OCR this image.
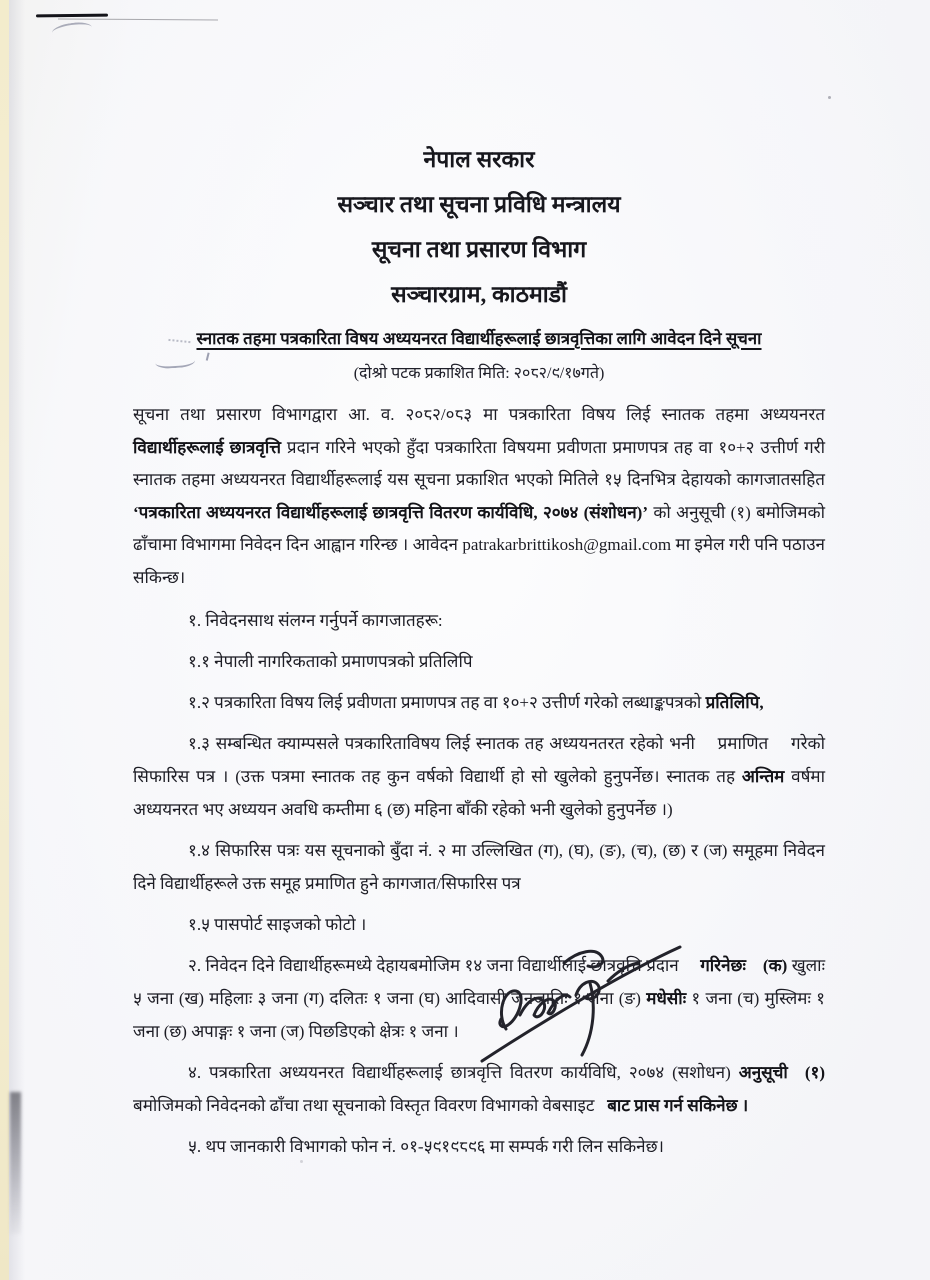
नेपाल सरकार
सञ्चार तथा सूचना प्रविधि मन्त्रालय
सूचना तथा प्रसारण विभाग
सञ्चारग्राम, काठमाडौं
स्नातक तहमा पत्रकारिता विषय अध्ययनरत विद्यार्थीहरूलाई छात्रवृत्तिका लागि आवेदन दिने सूचना
(दोश्रो पटक प्रकाशित मिति: २०८२/९/१७गते)

सूचना तथा प्रसारण विभागद्वारा आ. व. २०८२/०८३ मा पत्रकारिता विषय लिई स्नातक तहमा अध्ययनरत विद्यार्थीहरूलाई छात्रवृत्ति प्रदान गरिने भएको हुँदा पत्रकारिता विषयमा प्रवीणता प्रमाणपत्र तह वा १०+२ उत्तीर्ण गरी स्नातक तहमा अध्ययनरत विद्यार्थीहरूलाई यस सूचना प्रकाशित भएको मितिले १५ दिनभित्र देहायको कागजातसहित ‘पत्रकारिता अध्ययनरत विद्यार्थीहरूलाई छात्रवृत्ति वितरण कार्यविधि, २०७४ (संशोधन)’ को अनुसूची (१) बमोजिमको ढाँचामा विभागमा निवेदन दिन आह्वान गरिन्छ । आवेदन patrakarbrittikosh@gmail.com मा इमेल गरी पनि पठाउन सकिन्छ।

१. निवेदनसाथ संलग्न गर्नुपर्ने कागजातहरू:
१.१ नेपाली नागरिकताको प्रमाणपत्रको प्रतिलिपि
१.२ पत्रकारिता विषय लिई प्रवीणता प्रमाणपत्र तह वा १०+२ उत्तीर्ण गरेको लब्धाङ्कपत्रको प्रतिलिपि,
१.३ सम्बन्धित क्याम्पसले पत्रकारिताविषय लिई स्नातक तह अध्ययनतरत रहेको भनी  प्रमाणित  गरेको सिफारिस पत्र । (उक्त पत्रमा स्नातक तह कुन वर्षको विद्यार्थी हो सो खुलेको हुनुपर्नेछ। स्नातक तह अन्तिम वर्षमा अध्ययनरत भए अध्ययन अवधि कम्तीमा ६ (छ) महिना बाँकी रहेको भनी खुलेको हुनुपर्नेछ ।)
१.४ सिफारिस पत्रः यस सूचनाको बुँदा नं. २ मा उल्लिखित (ग), (घ), (ङ), (च), (छ) र (ज) समूहमा निवेदन दिने विद्यार्थीहरूले उक्त समूह प्रमाणित हुने कागजात/सिफारिस पत्र
१.५ पासपोर्ट साइजको फोटो ।
२. निवेदन दिने विद्यार्थीहरूमध्ये देहायबमोजिम १४ जना विद्यार्थीलाई छात्रवृत्ति प्रदान  गरिनेछः  (क) खुलाः ५ जना (ख) महिलाः ३ जना (ग) दलितः १ जना (घ) आदिवासी जनजातिः १ जना (ङ) मधेसीः १ जना (च) मुस्लिमः १ जना (छ) अपाङ्गः १ जना (ज) पिछडिएको क्षेत्रः १ जना ।
४. पत्रकारिता अध्ययनरत विद्यार्थीहरूलाई छात्रवृत्ति वितरण कार्यविधि, २०७४ (सशोधन) अनुसूची  (१) बमोजिमको निवेदनको ढाँचा तथा सूचनाको विस्तृत विवरण विभागको वेबसाइट  बाट प्रास गर्न सकिनेछ ।
५. थप जानकारी विभागको फोन नं. ०१-५९१९८९६ मा सम्पर्क गरी लिन सकिनेछ।
